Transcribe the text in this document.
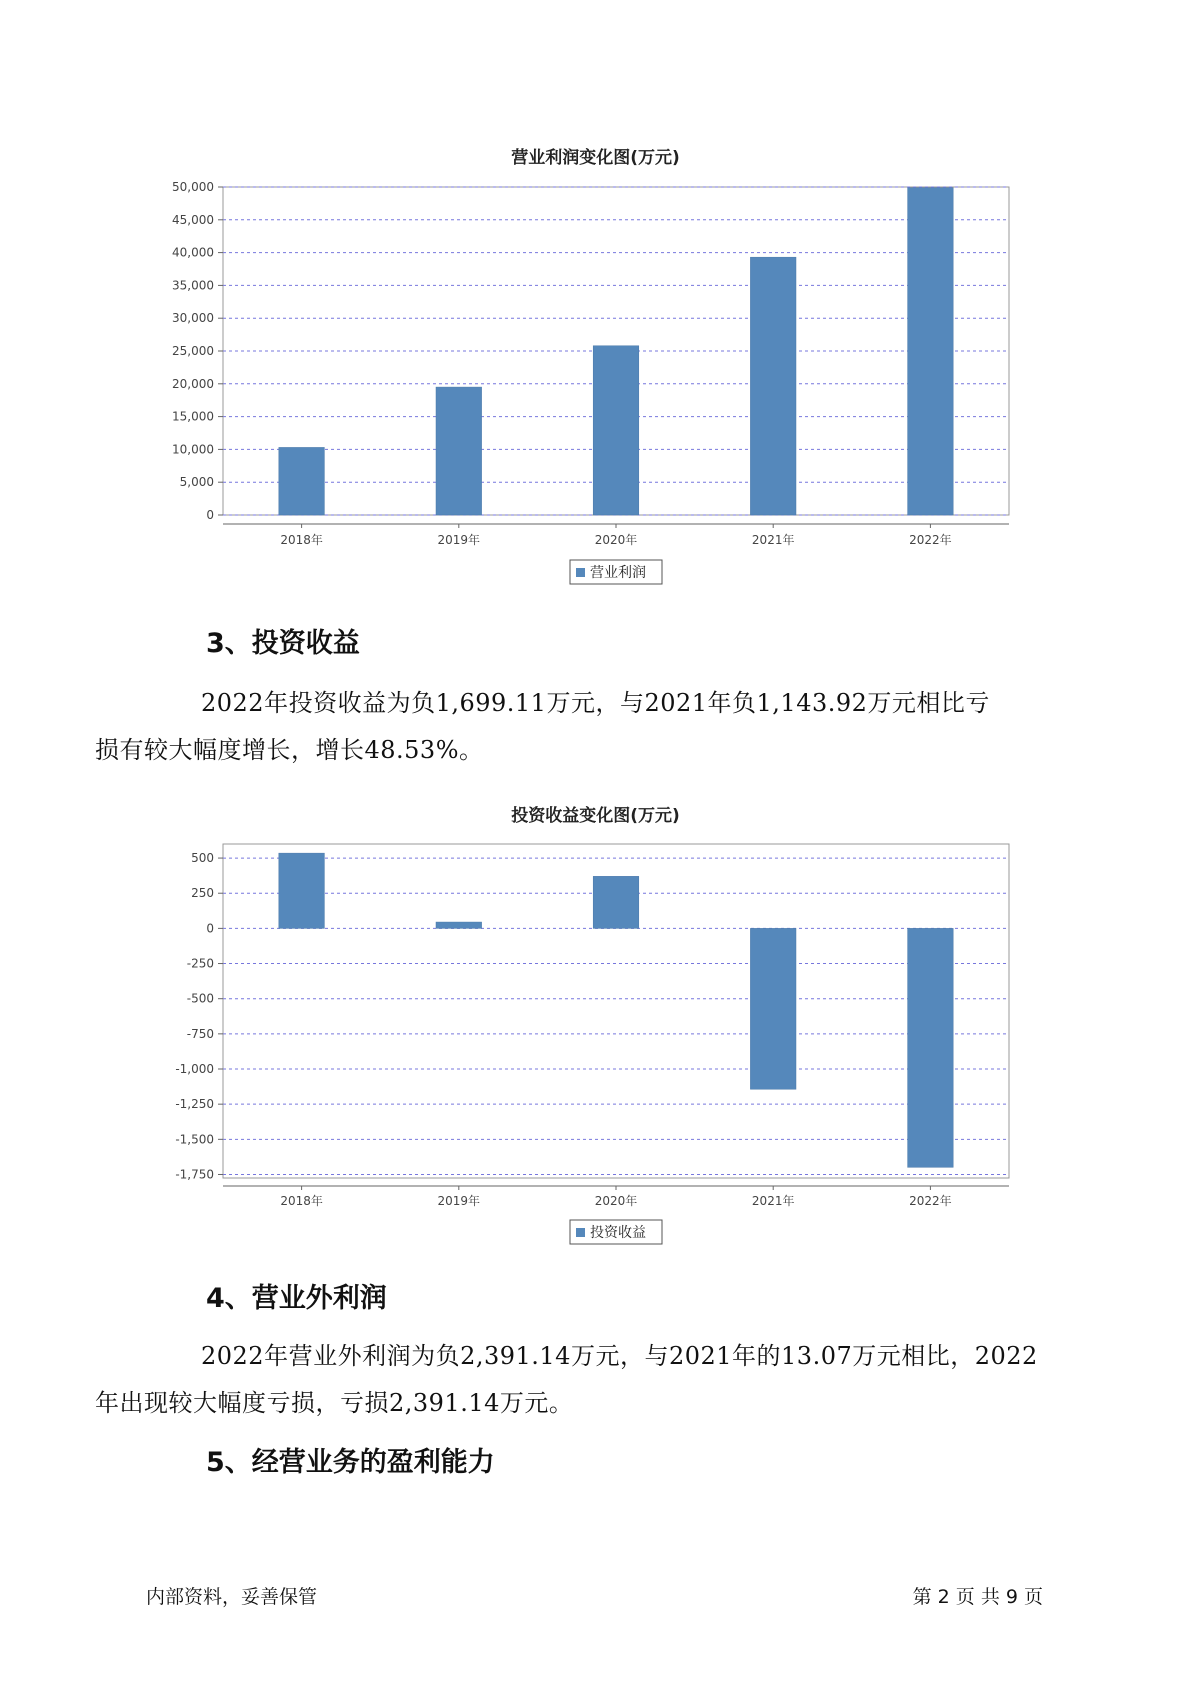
营业利润变化图(万元)
0
5,000
10,000
15,000
20,000
25,000
30,000
35,000
40,000
45,000
50,000
2018年	2019年	2020年	2021年	2022年
营业利润
3、投资收益
2022年投资收益为负1,699.11万元，与2021年负1,143.92万元相比亏
损有较大幅度增长，增长48.53%。
投资收益变化图(万元)
500
250
0
-250
-500
-750
-1,000
-1,250
-1,500
-1,750
2018年	2019年	2020年	2021年	2022年
投资收益
4、营业外利润
2022年营业外利润为负2,391.14万元，与2021年的13.07万元相比，2022
年出现较大幅度亏损，亏损2,391.14万元。
5、经营业务的盈利能力
内部资料，妥善保管	第 2 页 共 9 页
